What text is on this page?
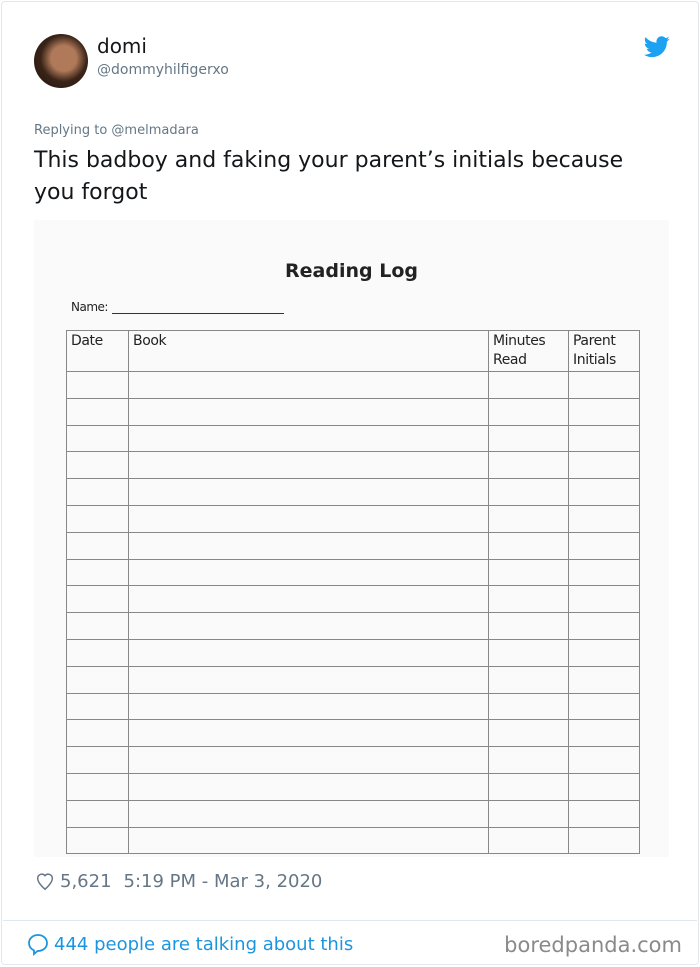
domi
@dommyhilfigerxo
Replying to @melmadara
This badboy and faking your parent’s initials because you forgot
Reading Log
Name:
Date	Book	Minutes Read	Parent Initials

5,621 5:19 PM - Mar 3, 2020
444 people are talking about this	boredpanda.com
